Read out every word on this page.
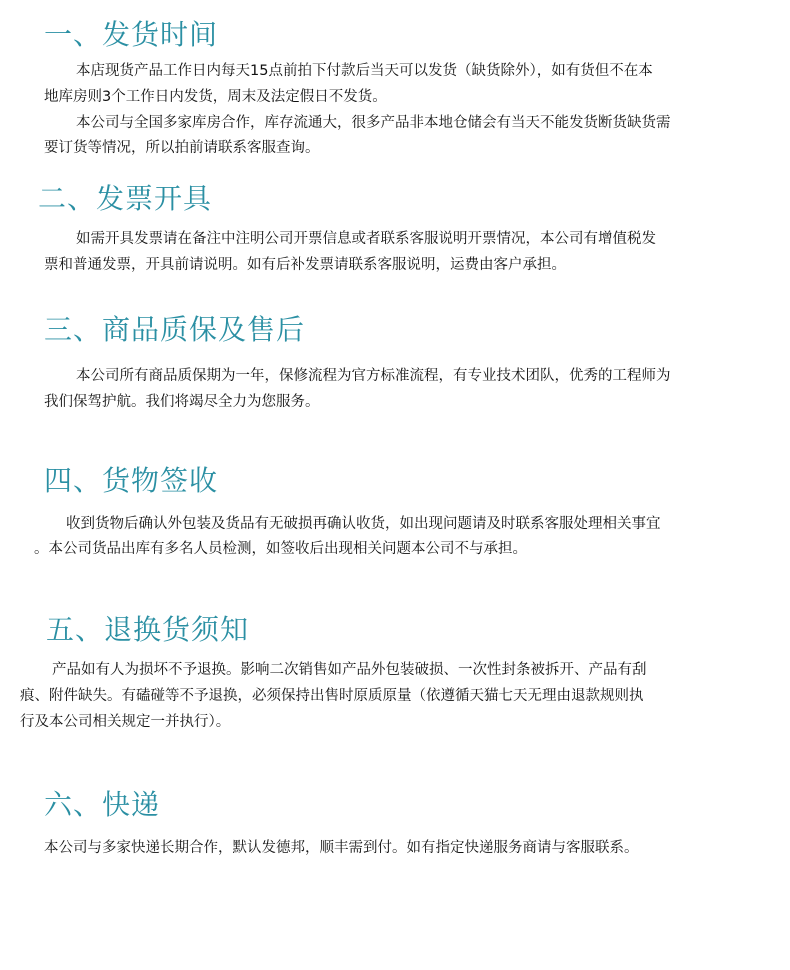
一、发货时间

本店现货产品工作日内每天15点前拍下付款后当天可以发货（缺货除外），如有货但不在本

地库房则3个工作日内发货，周末及法定假日不发货。

本公司与全国多家库房合作，库存流通大，很多产品非本地仓储会有当天不能发货断货缺货需

要订货等情况，所以拍前请联系客服查询。

二、发票开具

如需开具发票请在备注中注明公司开票信息或者联系客服说明开票情况，本公司有增值税发

票和普通发票，开具前请说明。如有后补发票请联系客服说明，运费由客户承担。

三、商品质保及售后

本公司所有商品质保期为一年，保修流程为官方标准流程，有专业技术团队，优秀的工程师为

我们保驾护航。我们将竭尽全力为您服务。

四、货物签收

收到货物后确认外包装及货品有无破损再确认收货，如出现问题请及时联系客服处理相关事宜

。本公司货品出库有多名人员检测，如签收后出现相关问题本公司不与承担。

五、退换货须知

产品如有人为损坏不予退换。影响二次销售如产品外包装破损、一次性封条被拆开、产品有刮

痕、附件缺失。有磕碰等不予退换，必须保持出售时原质原量（依遵循天猫七天无理由退款规则执

行及本公司相关规定一并执行）。

六、快递

本公司与多家快递长期合作，默认发德邦，顺丰需到付。如有指定快递服务商请与客服联系。
